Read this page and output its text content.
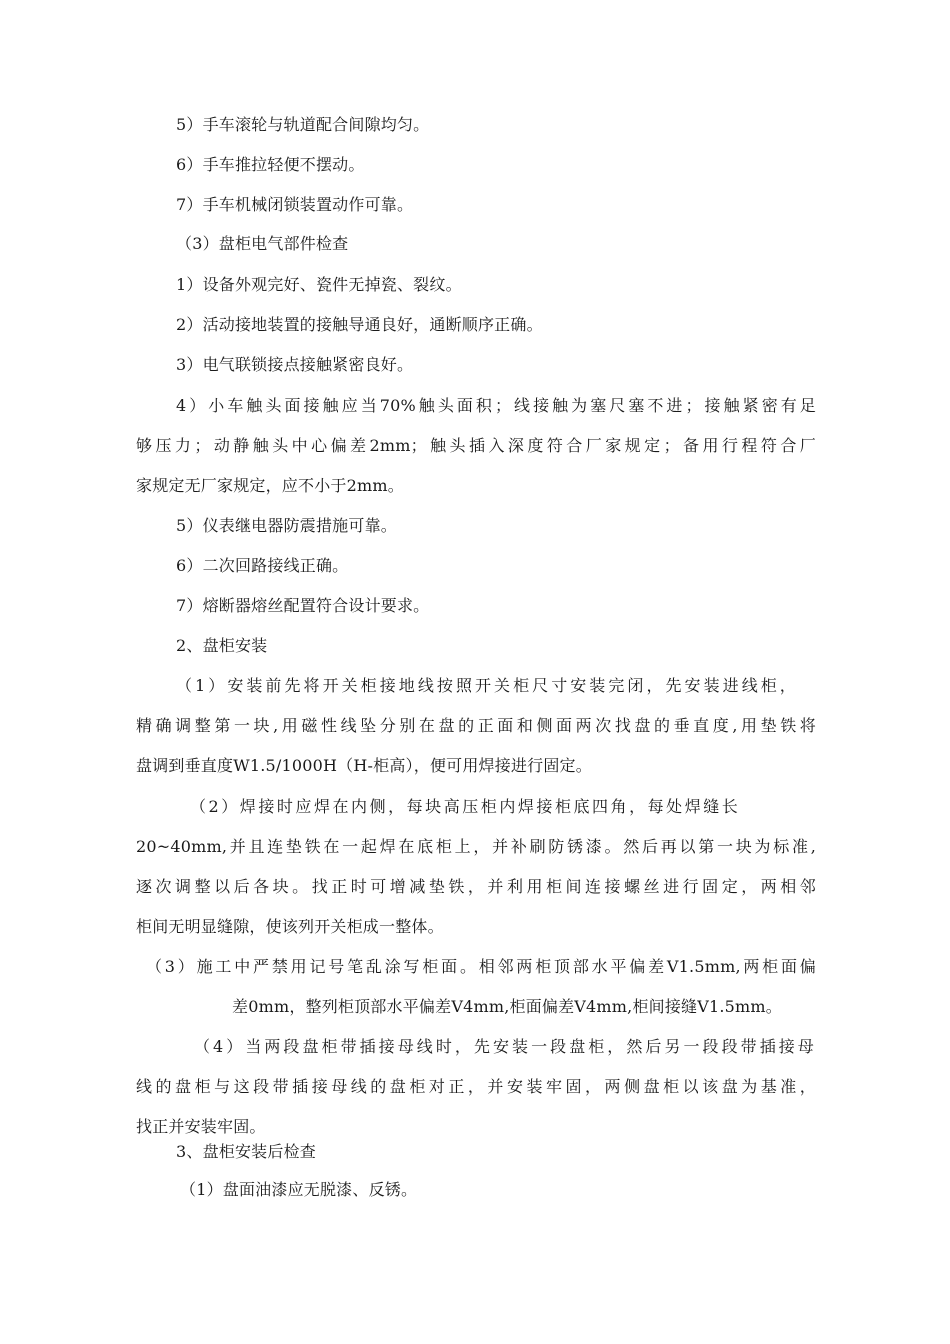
5）手车滚轮与轨道配合间隙均匀。
6）手车推拉轻便不摆动。
7）手车机械闭锁装置动作可靠。
（3）盘柜电气部件检查
1）设备外观完好、瓷件无掉瓷、裂纹。
2）活动接地装置的接触导通良好，通断顺序正确。
3）电气联锁接点接触紧密良好。
4）小车触头面接触应当70%触头面积；线接触为塞尺塞不进；接触紧密有足
够压力；动静触头中心偏差2mm；触头插入深度符合厂家规定；备用行程符合厂
家规定无厂家规定，应不小于2mm。
5）仪表继电器防震措施可靠。
6）二次回路接线正确。
7）熔断器熔丝配置符合设计要求。
2、盘柜安装
（1）安装前先将开关柜接地线按照开关柜尺寸安装完闭，先安装进线柜，
精确调整第一块,用磁性线坠分别在盘的正面和侧面两次找盘的垂直度,用垫铁将
盘调到垂直度W1.5/1000H（H-柜高），便可用焊接进行固定。
（2）焊接时应焊在内侧，每块高压柜内焊接柜底四角，每处焊缝长
20~40mm,并且连垫铁在一起焊在底柜上，并补刷防锈漆。然后再以第一块为标准,
逐次调整以后各块。找正时可增减垫铁，并利用柜间连接螺丝进行固定，两相邻
柜间无明显缝隙，使该列开关柜成一整体。
（3）施工中严禁用记号笔乱涂写柜面。相邻两柜顶部水平偏差V1.5mm,两柜面偏
差0mm，整列柜顶部水平偏差V4mm,柜面偏差V4mm,柜间接缝V1.5mm。
（4）当两段盘柜带插接母线时，先安装一段盘柜，然后另一段段带插接母
线的盘柜与这段带插接母线的盘柜对正，并安装牢固，两侧盘柜以该盘为基准，
找正并安装牢固。
3、盘柜安装后检查
（1）盘面油漆应无脱漆、反锈。
